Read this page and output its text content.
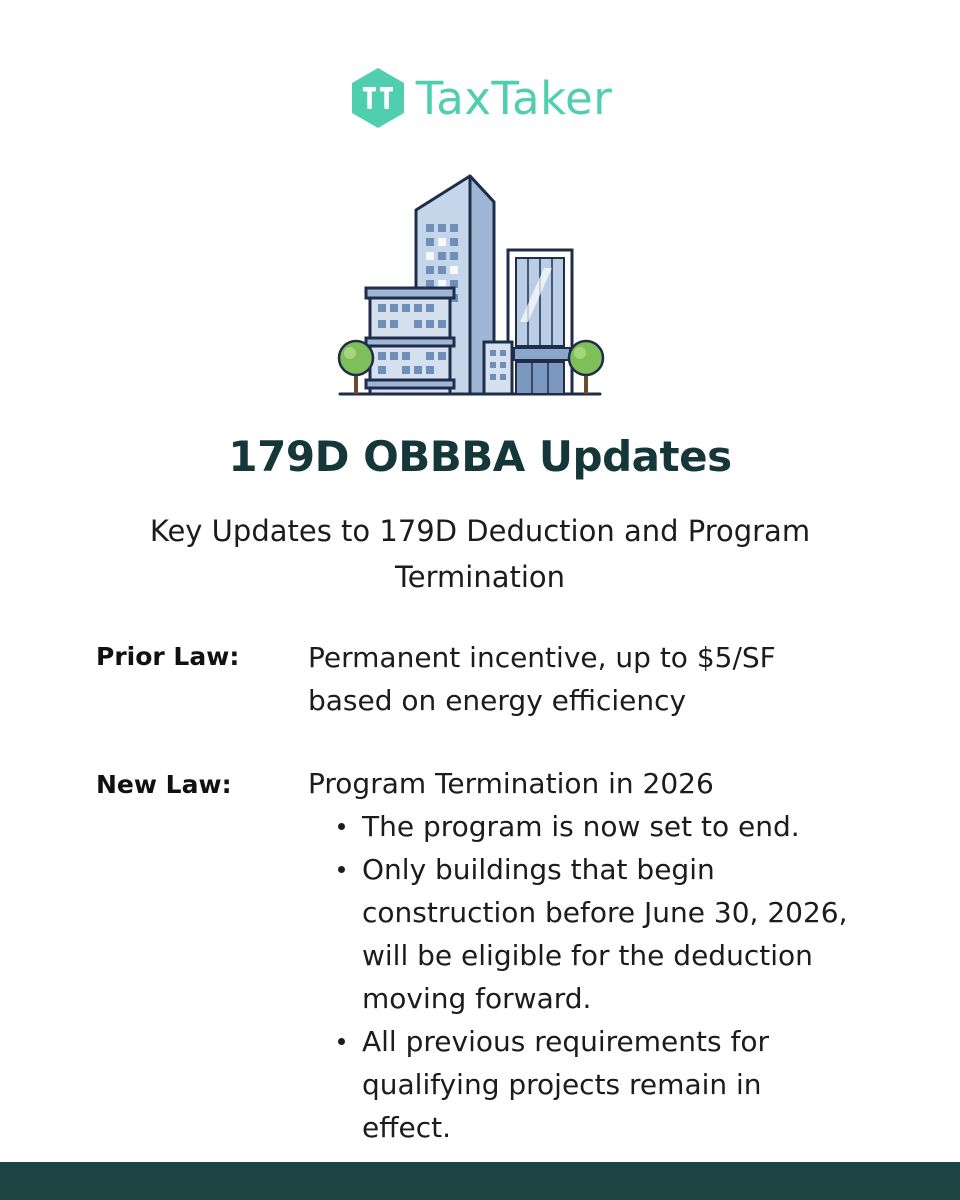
TaxTaker
179D OBBBA Updates

Key Updates to 179D Deduction and Program Termination

Prior Law: Permanent incentive, up to $5/SF based on energy efficiency
New Law:	Program Termination in 2026
The program is now set to end.
Only buildings that begin construction before June 30, 2026, will be eligible for the deduction moving forward.
All previous requirements for qualifying projects remain in effect.
